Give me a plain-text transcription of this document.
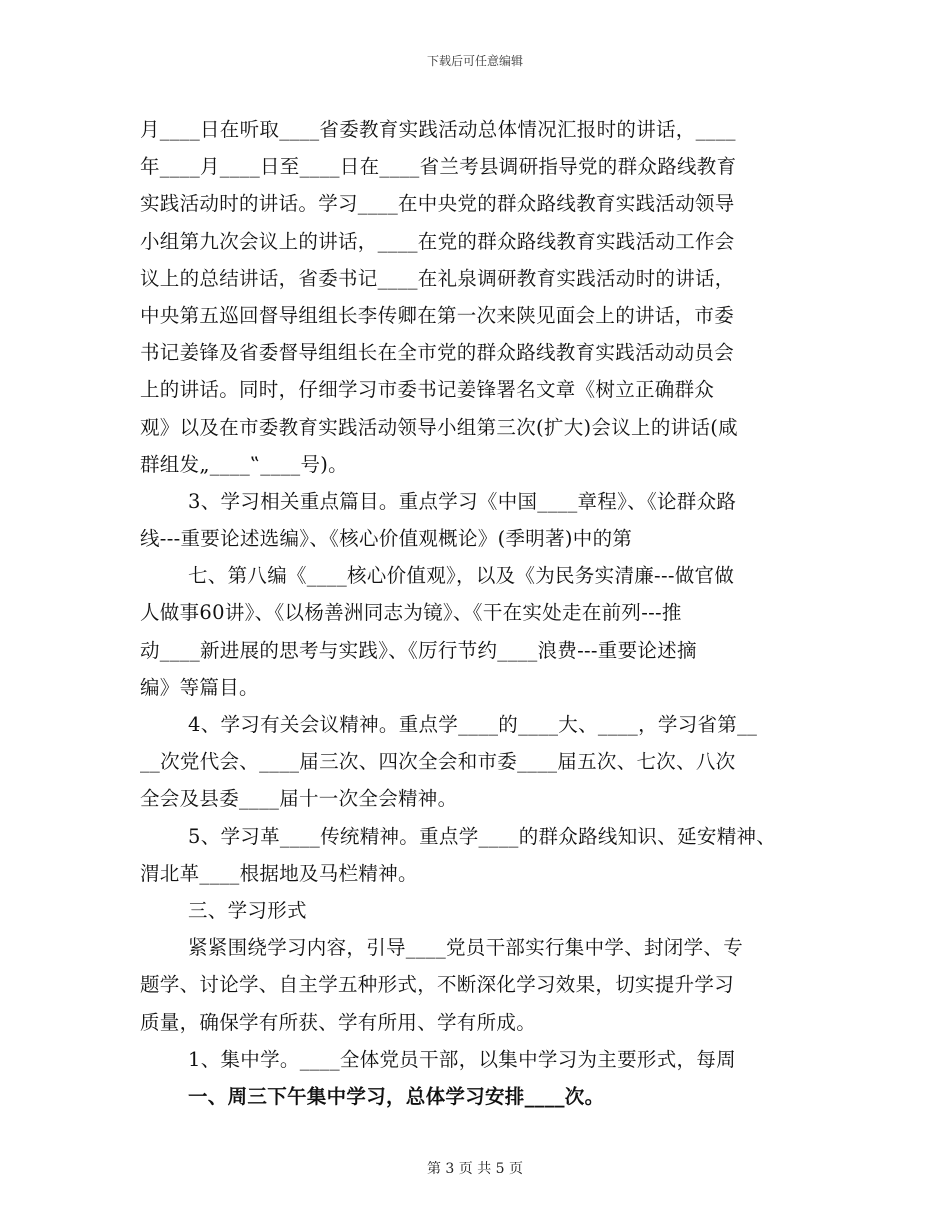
下载后可任意编辑
月____日在听取____省委教育实践活动总体情况汇报时的讲话，____
年____月____日至____日在____省兰考县调研指导党的群众路线教育
实践活动时的讲话。学习____在中央党的群众路线教育实践活动领导
小组第九次会议上的讲话，____在党的群众路线教育实践活动工作会
议上的总结讲话，省委书记____在礼泉调研教育实践活动时的讲话，
中央第五巡回督导组组长李传卿在第一次来陕见面会上的讲话，市委
书记姜锋及省委督导组组长在全市党的群众路线教育实践活动动员会
上的讲话。同时，仔细学习市委书记姜锋署名文章《树立正确群众
观》以及在市委教育实践活动领导小组第三次(扩大)会议上的讲话(咸
群组发„____‟____号)。
3、学习相关重点篇目。重点学习《中国____章程》、《论群众路
线---重要论述选编》、《核心价值观概论》(季明著)中的第
七、第八编《____核心价值观》，以及《为民务实清廉---做官做
人做事60讲》、《以杨善洲同志为镜》、《干在实处走在前列---推
动____新进展的思考与实践》、《厉行节约____浪费---重要论述摘
编》等篇目。
4、学习有关会议精神。重点学____的____大、____，学习省第__
__次党代会、____届三次、四次全会和市委____届五次、七次、八次
全会及县委____届十一次全会精神。
5、学习革____传统精神。重点学____的群众路线知识、延安精神、
渭北革____根据地及马栏精神。
三、学习形式
紧紧围绕学习内容，引导____党员干部实行集中学、封闭学、专
题学、讨论学、自主学五种形式，不断深化学习效果，切实提升学习
质量，确保学有所获、学有所用、学有所成。
1、集中学。____全体党员干部，以集中学习为主要形式，每周
一、周三下午集中学习，总体学习安排____次。
第 3 页 共 5 页
